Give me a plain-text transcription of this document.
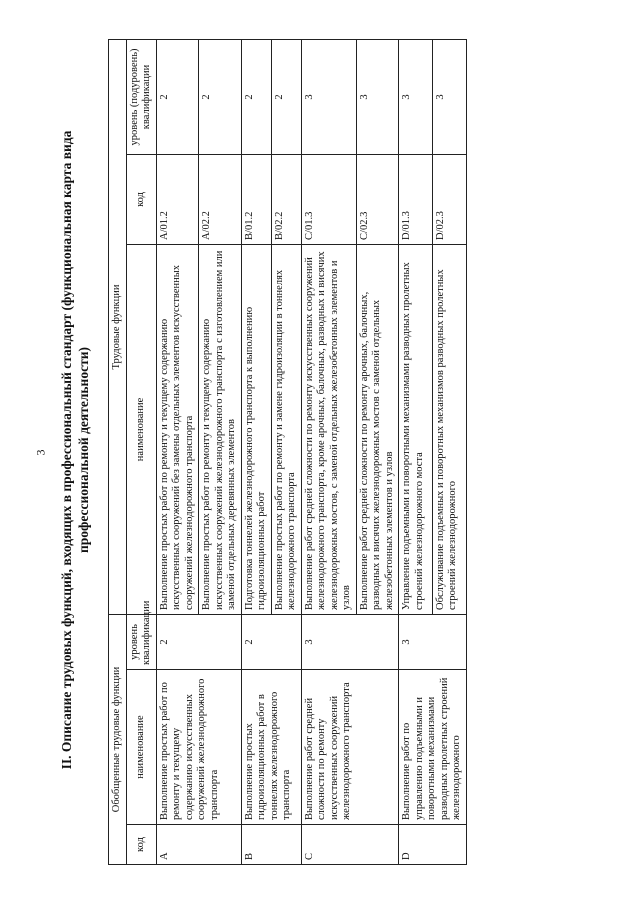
3 II. Описание трудовых функций, входящих в профессиональный стандарт (функциональная карта вида профессиональной деятельности)
Обобщенные трудовые функции			Трудовые функции		
код	наименование	уровень квалификации	наименование	код	уровень (подуровень) квалификации
A	Выполнение простых работ по ремонту и текущему содержанию искусственных сооружений железнодорожного транспорта	2	Выполнение простых работ по ремонту и текущему содержанию искусственных сооружений без замены отдельных элементов искусственных сооружений железнодорожного транспорта	A/01.2	2
			Выполнение простых работ по ремонту и текущему содержанию искусственных сооружений железнодорожного транспорта с изготовлением или заменой отдельных деревянных элементов	A/02.2	2
B	Выполнение простых гидроизоляционных работ в тоннелях железнодорожного транспорта	2	Подготовка тоннелей железнодорожного транспорта к выполнению гидроизоляционных работ	B/01.2	2
			Выполнение простых работ по ремонту и замене гидроизоляции в тоннелях железнодорожного транспорта	B/02.2	2
C	Выполнение работ средней сложности по ремонту искусственных сооружений железнодорожного транспорта	3	Выполнение работ средней сложности по ремонту искусственных сооружений железнодорожного транспорта, кроме арочных, балочных, разводных и висячих железнодорожных мостов, с заменой отдельных железобетонных элементов и узлов	C/01.3	3
			Выполнение работ средней сложности по ремонту арочных, балочных, разводных и висячих железнодорожных мостов с заменой отдельных железобетонных элементов и узлов	C/02.3	3
D	Выполнение работ по управлению подъемными и поворотными механизмами разводных пролетных строений железнодорожного	3	Управление подъемными и поворотными механизмами разводных пролетных строений железнодорожного моста	D/01.3	3
			Обслуживание подъемных и поворотных механизмов разводных пролетных строений железнодорожного	D/02.3	3
